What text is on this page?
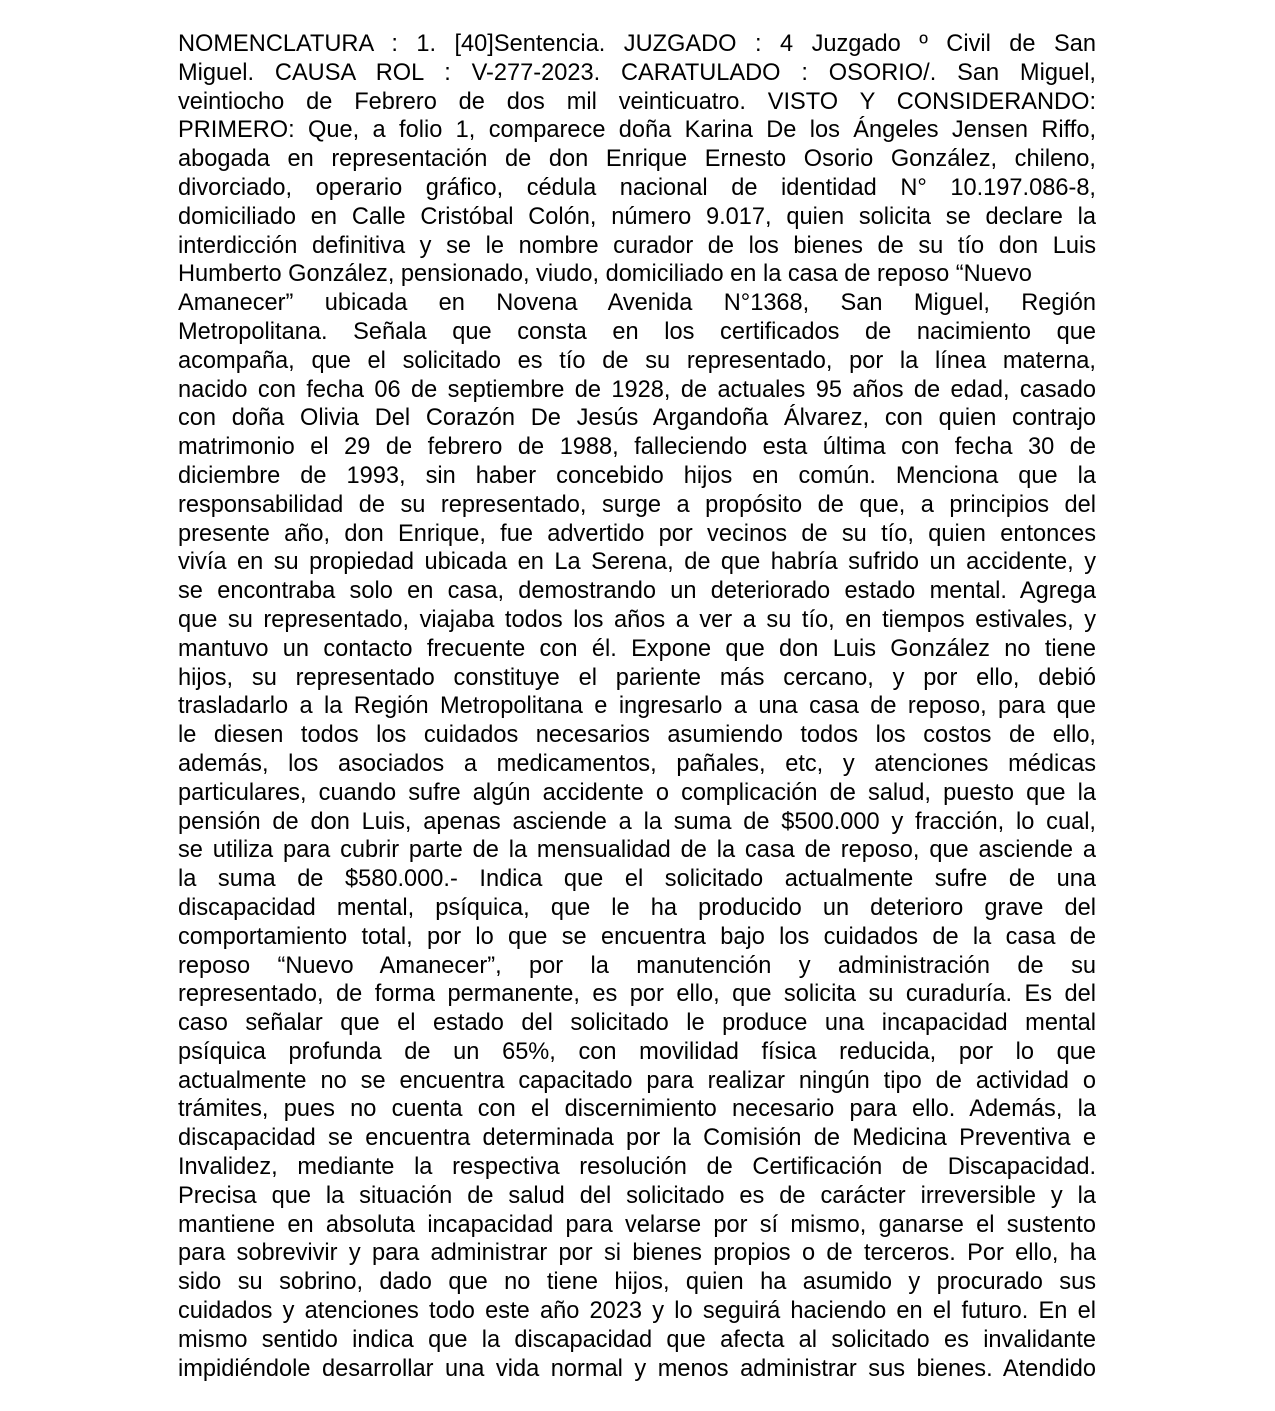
NOMENCLATURA : 1. [40]Sentencia. JUZGADO : 4 Juzgado º Civil de San
Miguel. CAUSA ROL : V-277-2023. CARATULADO : OSORIO/. San Miguel,
veintiocho de Febrero de dos mil veinticuatro. VISTO Y CONSIDERANDO:
PRIMERO: Que, a folio 1, comparece doña Karina De los Ángeles Jensen Riffo,
abogada en representación de don Enrique Ernesto Osorio González, chileno,
divorciado, operario gráfico, cédula nacional de identidad N° 10.197.086-8,
domiciliado en Calle Cristóbal Colón, número 9.017, quien solicita se declare la
interdicción definitiva y se le nombre curador de los bienes de su tío don Luis
Humberto González, pensionado, viudo, domiciliado en la casa de reposo “Nuevo
Amanecer” ubicada en Novena Avenida N°1368, San Miguel, Región
Metropolitana. Señala que consta en los certificados de nacimiento que
acompaña, que el solicitado es tío de su representado, por la línea materna,
nacido con fecha 06 de septiembre de 1928, de actuales 95 años de edad, casado
con doña Olivia Del Corazón De Jesús Argandoña Álvarez, con quien contrajo
matrimonio el 29 de febrero de 1988, falleciendo esta última con fecha 30 de
diciembre de 1993, sin haber concebido hijos en común. Menciona que la
responsabilidad de su representado, surge a propósito de que, a principios del
presente año, don Enrique, fue advertido por vecinos de su tío, quien entonces
vivía en su propiedad ubicada en La Serena, de que habría sufrido un accidente, y
se encontraba solo en casa, demostrando un deteriorado estado mental. Agrega
que su representado, viajaba todos los años a ver a su tío, en tiempos estivales, y
mantuvo un contacto frecuente con él. Expone que don Luis González no tiene
hijos, su representado constituye el pariente más cercano, y por ello, debió
trasladarlo a la Región Metropolitana e ingresarlo a una casa de reposo, para que
le diesen todos los cuidados necesarios asumiendo todos los costos de ello,
además, los asociados a medicamentos, pañales, etc, y atenciones médicas
particulares, cuando sufre algún accidente o complicación de salud, puesto que la
pensión de don Luis, apenas asciende a la suma de $500.000 y fracción, lo cual,
se utiliza para cubrir parte de la mensualidad de la casa de reposo, que asciende a
la suma de $580.000.- Indica que el solicitado actualmente sufre de una
discapacidad mental, psíquica, que le ha producido un deterioro grave del
comportamiento total, por lo que se encuentra bajo los cuidados de la casa de
reposo “Nuevo Amanecer”, por la manutención y administración de su
representado, de forma permanente, es por ello, que solicita su curaduría. Es del
caso señalar que el estado del solicitado le produce una incapacidad mental
psíquica profunda de un 65%, con movilidad física reducida, por lo que
actualmente no se encuentra capacitado para realizar ningún tipo de actividad o
trámites, pues no cuenta con el discernimiento necesario para ello. Además, la
discapacidad se encuentra determinada por la Comisión de Medicina Preventiva e
Invalidez, mediante la respectiva resolución de Certificación de Discapacidad.
Precisa que la situación de salud del solicitado es de carácter irreversible y la
mantiene en absoluta incapacidad para velarse por sí mismo, ganarse el sustento
para sobrevivir y para administrar por si bienes propios o de terceros. Por ello, ha
sido su sobrino, dado que no tiene hijos, quien ha asumido y procurado sus
cuidados y atenciones todo este año 2023 y lo seguirá haciendo en el futuro. En el
mismo sentido indica que la discapacidad que afecta al solicitado es invalidante
impidiéndole desarrollar una vida normal y menos administrar sus bienes. Atendido
